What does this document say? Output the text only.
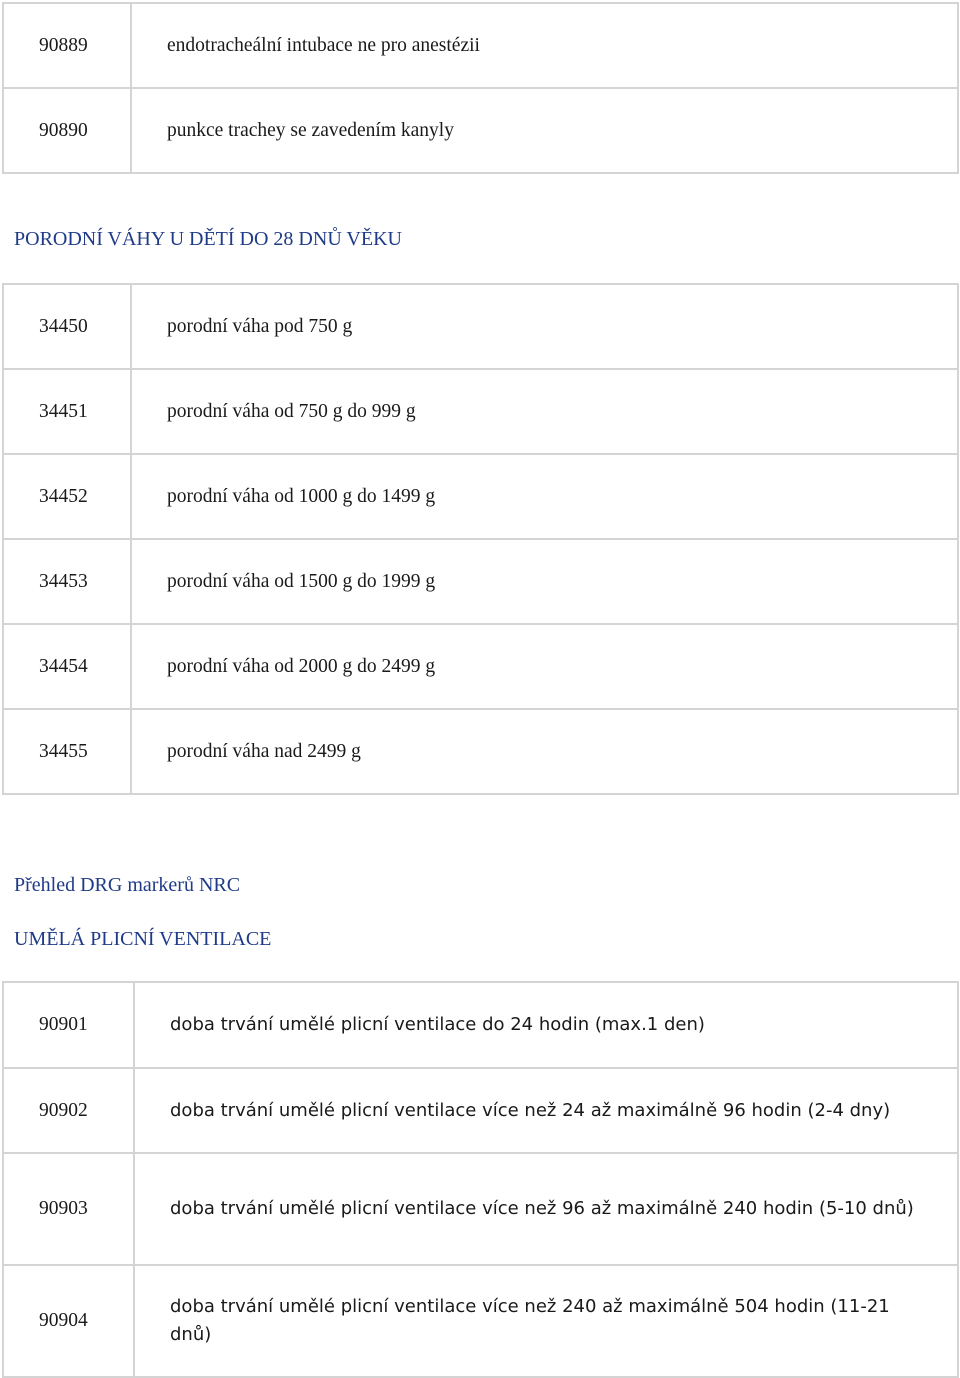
90889	endotracheální intubace ne pro anestézii
90890	punkce trachey se zavedením kanyly
PORODNÍ VÁHY U DĚTÍ DO 28 DNŮ VĚKU
34450	porodní váha pod 750 g
34451	porodní váha od 750 g do 999 g
34452	porodní váha od 1000 g do 1499 g
34453	porodní váha od 1500 g do 1999 g
34454	porodní váha od 2000 g do 2499 g
34455	porodní váha nad 2499 g
Přehled DRG markerů NRC
UMĚLÁ PLICNÍ VENTILACE
90901	doba trvání umělé plicní ventilace do 24 hodin (max.1 den)
90902	doba trvání umělé plicní ventilace více než 24 až maximálně 96 hodin (2-4 dny)
90903	doba trvání umělé plicní ventilace více než 96 až maximálně 240 hodin (5-10 dnů)
90904	doba trvání umělé plicní ventilace více než 240 až maximálně 504 hodin (11-21 dnů)
